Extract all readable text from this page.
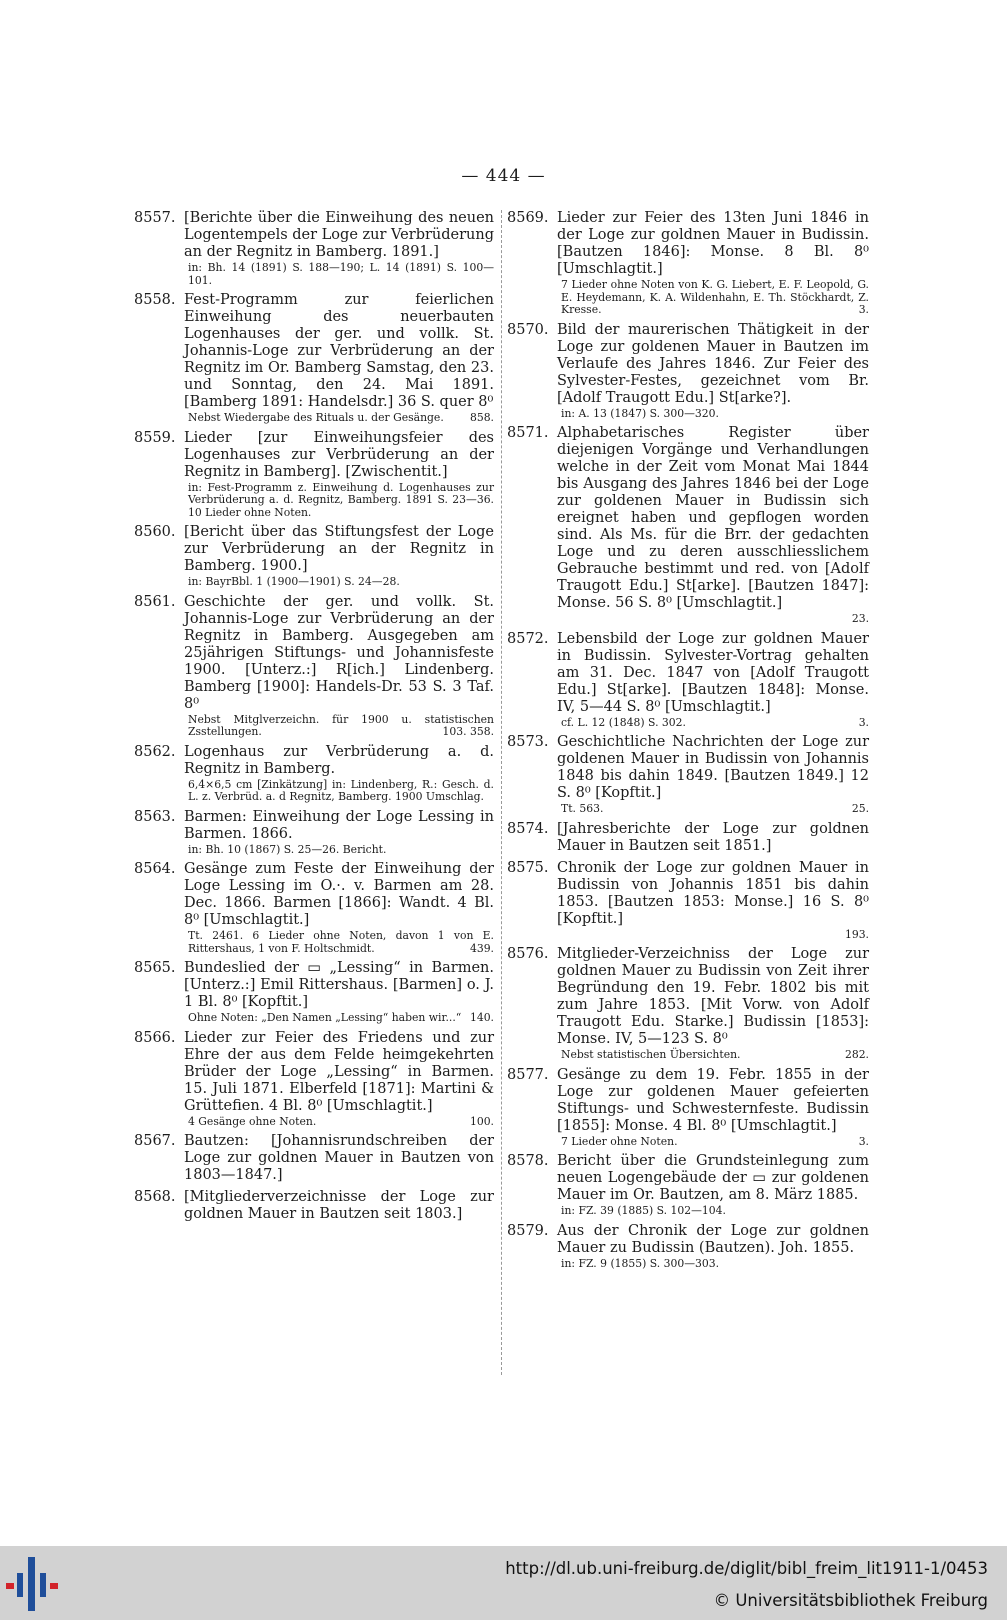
— 444 —
8557. [Berichte über die Einweihung des neuen Logentempels der Loge zur Verbrüderung an der Regnitz in Bamberg. 1891.]
in: Bh. 14 (1891) S. 188—190; L. 14 (1891) S. 100—101.
8558. Fest-Programm zur feierlichen Einweihung des neuerbauten Logenhauses der ger. und vollk. St. Johannis-Loge zur Verbrüderung an der Regnitz im Or. Bamberg Samstag, den 23. und Sonntag, den 24. Mai 1891. [Bamberg 1891: Handelsdr.] 36 S. quer 8⁰
Nebst Wiedergabe des Rituals u. der Gesänge. 858.
8559. Lieder [zur Einweihungsfeier des Logenhauses zur Verbrüderung an der Regnitz in Bamberg]. [Zwischentit.]
in: Fest-Programm z. Einweihung d. Logenhauses zur Verbrüderung a. d. Regnitz, Bamberg. 1891 S. 23—36. 10 Lieder ohne Noten.
8560. [Bericht über das Stiftungsfest der Loge zur Verbrüderung an der Regnitz in Bamberg. 1900.]
in: BayrBbl. 1 (1900—1901) S. 24—28.
8561. Geschichte der ger. und vollk. St. Johannis-Loge zur Verbrüderung an der Regnitz in Bamberg. Ausgegeben am 25jährigen Stiftungs- und Johannisfeste 1900. [Unterz.:] R[ich.] Lindenberg. Bamberg [1900]: Handels-Dr. 53 S. 3 Taf. 8⁰
Nebst Mitglverzeichn. für 1900 u. statistischen Zsstellungen.	103. 358.
8562. Logenhaus zur Verbrüderung a. d. Regnitz in Bamberg.
6,4×6,5 cm [Zinkätzung] in: Lindenberg, R.: Gesch. d. L. z. Verbrüd. a. d Regnitz, Bamberg. 1900 Umschlag.
8563. Barmen: Einweihung der Loge Lessing in Barmen. 1866.
in: Bh. 10 (1867) S. 25—26. Bericht.
8564. Gesänge zum Feste der Einweihung der Loge Lessing im O.·. v. Barmen am 28. Dec. 1866. Barmen [1866]: Wandt. 4 Bl. 8⁰ [Umschlagtit.]
Tt. 2461. 6 Lieder ohne Noten, davon 1 von E. Rittershaus, 1 von F. Holtschmidt.	439.
8565. Bundeslied der ▭ „Lessing“ in Barmen. [Unterz.:] Emil Rittershaus. [Barmen] o. J. 1 Bl. 8⁰ [Kopftit.]
Ohne Noten: „Den Namen „Lessing“ haben wir...“ 140.
8566. Lieder zur Feier des Friedens und zur Ehre der aus dem Felde heimgekehrten Brüder der Loge „Lessing“ in Barmen. 15. Juli 1871. Elberfeld [1871]: Martini & Grüttefien. 4 Bl. 8⁰ [Umschlagtit.]
4 Gesänge ohne Noten.	100.
8567. Bautzen: [Johannisrundschreiben der Loge zur goldnen Mauer in Bautzen von 1803—1847.]
8568. [Mitgliederverzeichnisse der Loge zur goldnen Mauer in Bautzen seit 1803.]
8569. Lieder zur Feier des 13ten Juni 1846 in der Loge zur goldnen Mauer in Budissin. [Bautzen 1846]: Monse. 8 Bl. 8⁰ [Umschlagtit.]
7 Lieder ohne Noten von K. G. Liebert, E. F. Leopold, G. E. Heydemann, K. A. Wildenhahn, E. Th. Stöckhardt, Z. Kresse.	3.
8570. Bild der maurerischen Thätigkeit in der Loge zur goldenen Mauer in Bautzen im Verlaufe des Jahres 1846. Zur Feier des Sylvester-Festes, gezeichnet vom Br. [Adolf Traugott Edu.] St[arke?].
in: A. 13 (1847) S. 300—320.
8571. Alphabetarisches Register über diejenigen Vorgänge und Verhandlungen welche in der Zeit vom Monat Mai 1844 bis Ausgang des Jahres 1846 bei der Loge zur goldenen Mauer in Budissin sich ereignet haben und gepflogen worden sind. Als Ms. für die Brr. der gedachten Loge und zu deren ausschliesslichem Gebrauche bestimmt und red. von [Adolf Traugott Edu.] St[arke]. [Bautzen 1847]: Monse. 56 S. 8⁰ [Umschlagtit.]
23.
8572. Lebensbild der Loge zur goldnen Mauer in Budissin. Sylvester-Vortrag gehalten am 31. Dec. 1847 von [Adolf Traugott Edu.] St[arke]. [Bautzen 1848]: Monse. IV, 5—44 S. 8⁰ [Umschlagtit.]
cf. L. 12 (1848) S. 302.	3.
8573. Geschichtliche Nachrichten der Loge zur goldenen Mauer in Budissin von Johannis 1848 bis dahin 1849. [Bautzen 1849.] 12 S. 8⁰ [Kopftit.]
Tt. 563.	25.
8574. [Jahresberichte der Loge zur goldnen Mauer in Bautzen seit 1851.]
8575. Chronik der Loge zur goldnen Mauer in Budissin von Johannis 1851 bis dahin 1853. [Bautzen 1853: Monse.] 16 S. 8⁰ [Kopftit.]
193.
8576. Mitglieder-Verzeichniss der Loge zur goldnen Mauer zu Budissin von Zeit ihrer Begründung den 19. Febr. 1802 bis mit zum Jahre 1853. [Mit Vorw. von Adolf Traugott Edu. Starke.] Budissin [1853]: Monse. IV, 5—123 S. 8⁰
Nebst statistischen Übersichten.	282.
8577. Gesänge zu dem 19. Febr. 1855 in der Loge zur goldenen Mauer gefeierten Stiftungs- und Schwesternfeste. Budissin [1855]: Monse. 4 Bl. 8⁰ [Umschlagtit.]
7 Lieder ohne Noten.	3.
8578. Bericht über die Grundsteinlegung zum neuen Logengebäude der ▭ zur goldenen Mauer im Or. Bautzen, am 8. März 1885.
in: FZ. 39 (1885) S. 102—104.
8579. Aus der Chronik der Loge zur goldnen Mauer zu Budissin (Bautzen). Joh. 1855.
in: FZ. 9 (1855) S. 300—303.
http://dl.ub.uni-freiburg.de/diglit/bibl_freim_lit1911-1/0453
© Universitätsbibliothek Freiburg
